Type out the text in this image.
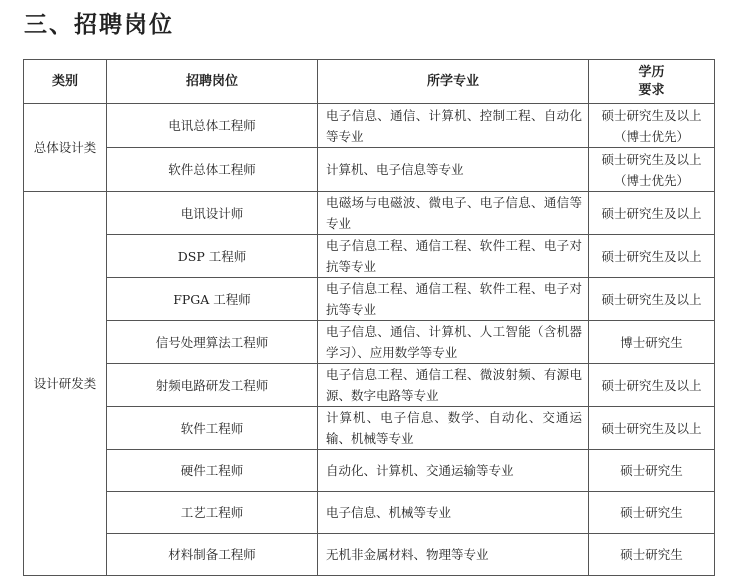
三、招聘岗位
类别	招聘岗位	所学专业	学历
要求
总体设计类	电讯总体工程师	电子信息、通信、计算机、控制工程、自动化等专业	硕士研究生及以上
（博士优先）
	软件总体工程师	计算机、电子信息等专业	硕士研究生及以上
（博士优先）
设计研发类	电讯设计师	电磁场与电磁波、微电子、电子信息、通信等专业	硕士研究生及以上
	DSP 工程师	电子信息工程、通信工程、软件工程、电子对抗等专业	硕士研究生及以上
	FPGA 工程师	电子信息工程、通信工程、软件工程、电子对抗等专业	硕士研究生及以上
	信号处理算法工程师	电子信息、通信、计算机、人工智能（含机器学习）、应用数学等专业	博士研究生
	射频电路研发工程师	电子信息工程、通信工程、微波射频、有源电源、数字电路等专业	硕士研究生及以上
	软件工程师	计算机、电子信息、数学、自动化、交通运输、机械等专业	硕士研究生及以上
	硬件工程师	自动化、计算机、交通运输等专业	硕士研究生
	工艺工程师	电子信息、机械等专业	硕士研究生
	材料制备工程师	无机非金属材料、物理等专业	硕士研究生
